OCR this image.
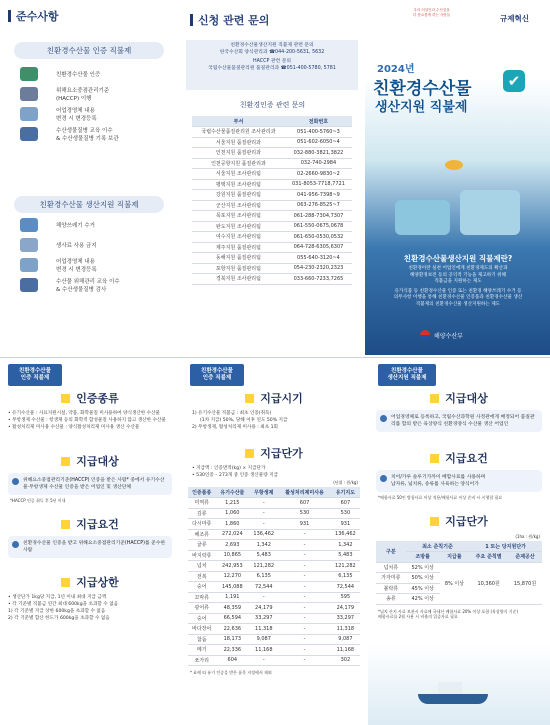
준수사항
친환경수산물 인증 직불제
친환경수산물 인증
위해요소중점관리기준
(HACCP) 이행
어업경영체 내용
변경 시 변경등록
수산생물질병 교육 이수
& 수산생물질병 기록 보관
친환경수산물 생산지원 직불제
해양쓰레기 수거
생사료 사용 금지
어업경영체 내용
변경 시 변경등록
수산물 위해관리 교육 이수
& 수산생물질병 검사
신청 관련 문의
친환경수산물생산지원 직불제 관련 문의
한국수산회 양식관리과 ☎044-200-5631, 5632
HACCP 관련 문의
국립수산물품질관리원 품질관리과 ☎051-400-5780, 5781
친환경인증 관련 문의
부서	전화번호
국립수산물품질관리원 조사관리과	051-400-5760~3
서울지원 품질관리과	051-602-6050~4
인천지원 품질관리과	032-880-3821,3822
인천공항지원 품질관리과	032-740-2984
서울지원 조사관리팀	02-2660-9830~2
평택지원 조사관리팀	031-8053-7718,7721
강원지원 품질관리팀	041-956-7398~9
군산지원 조사관리팀	063-276-8525~7
목포지원 조사관리팀	061-288-7304,7307
완도지원 조사관리팀	061-550-0675,0678
여수지원 조사관리팀	061-650-0530,0532
제주지원 품질관리팀	064-728-6305,6307
동해지원 품질관리팀	055-640-3120~4
포항지원 품질관리팀	054-230-2320,2323
경북지원 조사관리팀	033-660-7233,7265
우리 어업인과 수산업을
더 풍요롭게 하는 사람들	규제혁신
2024년
친환경수산물	✔
생산지원 직불제
친환경수산물생산지원 직불제란?
친환경이란 실천 어업인에게 친환경제도의 확산과
해양환경보전 등의 공익적 기능을 제고하기 위해
직불금을 지원하는 제도
유가식품 등 친환경수산물 인증 또는 친환경 해양쓰레기 수거 등
의무사항 이행을 통해 친환경수산물 인증품과 친환경수산물 생산
직불제의 친환경수산물 생산지원하는 제도
해양수산부
친환경수산물
인증 직불제
인증종류
• 유기수산물 : 사료지원시설, 약품, 화학물질 미사용하여 양식생산한 수산물
• 무항생제 수산물 : 항생제 등의 화학적 합성물질 사용하지 않고 생산한 수산물
• 활성처리제 미사용 수산물 : 양식활성처리제 미사용 생산 수산물
지급대상
위해요소중점관리기준(HACCP) 인증을 받은 사람* 중에서 유기수산물·무항생제 수산물 인증을 받은 어업인 및 생산단체
*HACCP 인증 취득 후 5년 이내
지급요건
친환경수산물 인증을 받고 위해요소중점관리기준(HACCP)를 준수한 사람
지급상한
• 생산단가 1kg당 지급, 1년 이내 최대 지급 금액
• 각 기준별 직불금 연간 최대 600kg을 초과할 수 없음
1) 각 기준별 지급 상한 600kg을 초과할 수 없음
2) 각 기준별 합산 한도가 600kg을 초과할 수 없음
친환경수산물
인증 직불제
지급시기
1) 유기수산물 직불금 : 최초 인증(취득)
(1차 지급) 50%, 당해 이후 연도 50% 지급
2) 무항생제, 활성처리제 미사용 : 최초 1회
지급단가
• 지급액 : 인증면적(kg) × 지급단가
• 530인증 – 273개 중 인증 생산물량 지급
(단위 : 원/kg)
인증품종	유기수산물	무항생제	활성처리제미사용	유기지도
미역류	1,215	-	607	607
김류	1,060	-	530	530
다시마류	1,860	-	931	931
해조류	272,024	136,462	-	136,462
굴류	2,693	1,342	-	1,342
바지락류	10,865	5,483	-	5,483
넙치	242,953	121,282	-	121,282
전복	12,270	6,135	-	6,135
숭어	145,088	72,544	-	72,544
꼬막류	1,191	-	-	595
광어류	48,359	24,179	-	24,179
숭어	66,594	33,297	-	33,297
바다장어	22,636	11,318	-	11,318
참돔	18,173	9,087	-	9,087
메기	22,336	11,168	-	11,168
쏘가리	604	-	-	302
* 표에 따 유기 인증을 받은 품목 지정에서 제외
친환경수산물
생산지원 직불제
지급대상
어업경영체로 등록하고, 국립수산과학원 사정관에게 배정되어 품질관리를 합의 받은 육상양식 친환경양식 수산물 생산 어업인
지급요건
치어/가루 솔루기가까이 배합사료를 사용하며
납자류, 넙치류, 송류를 사육하는 양식어가
*배합사료 50인 방침사료 이상 적용/배합사료 이상 준비 시 시행할 필요
지급단가
(1ha : 원/kg)
구분	최소 준칙기준		1 또는 당지원단가	
	조방률	지급률	주요 준칙별	준제공산
넙치류	52% 이상	8% 이상	10,360원	15,870원
가자미류	50% 이상			
볼락류	45% 이상			
송류	42% 이상			
*넙치 산지 사료 보관시 사료에 국내산 배합사료 20% 이상 포함 (육상양식 기준)
배합사료를 2월 사용 시 비율의 입증자료 필요
